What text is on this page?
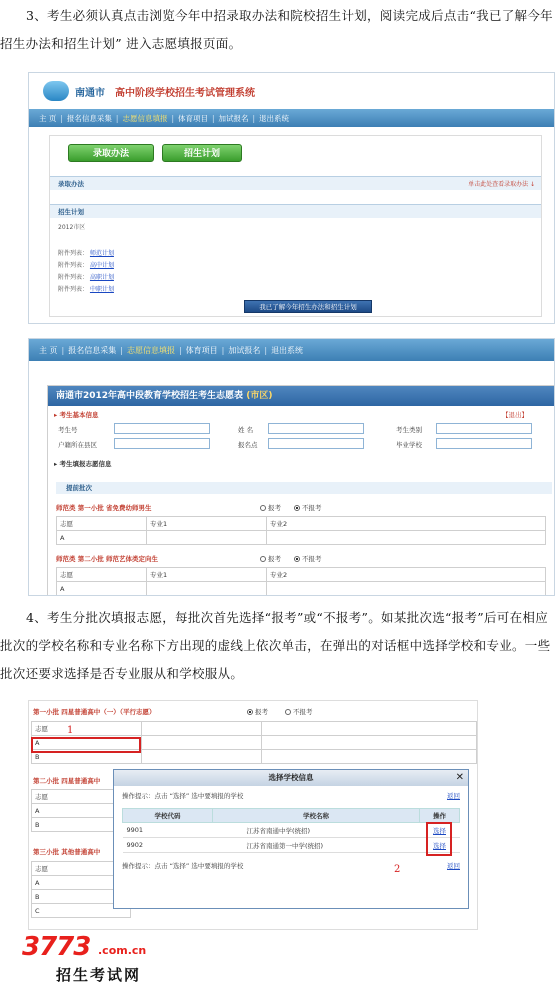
3、考生必须认真点击浏览今年中招录取办法和院校招生计划，阅读完成后点击“我已了解今年招生办法和招生计划” 进入志愿填报页面。

南通市 高中阶段学校招生考试管理系统
主 页 | 报名信息采集 | 志愿信息填报 | 体育项目 | 加试报名 | 退出系统
录取办法	招生计划
录取办法	单击此处查看录取办法 ↓
招生计划
2012市区
附件列表： 师范计划
附件列表： 高中计划
附件列表： 高职计划
附件列表： 中职计划
我已了解今年招生办法和招生计划
主 页 | 报名信息采集 | 志愿信息填报 | 体育项目 | 加试报名 | 退出系统
南通市2012年高中段教育学校招生考生志愿表 (市区)
▸ 考生基本信息	【退出】
考生号	姓 名	考生类别
户籍所在县区	报名点	毕业学校
▸ 考生填报志愿信息
提前批次
师范类 第一小批 省免费幼师男生	报考	不报考
志愿	专业1	专业2
A		
师范类 第二小批 师范艺体类定向生	报考	不报考
志愿	专业1	专业2
A		

4、考生分批次填报志愿，每批次首先选择“报考”或“不报考”。如某批次选“报考”后可在相应批次的学校名称和专业名称下方出现的虚线上依次单击，在弹出的对话框中选择学校和专业。一些批次还要求选择是否专业服从和学校服从。

第一小批 四星普通高中（一）（平行志愿）	报考	不报考
志愿		
A		
B		
1
第二小批 四星普通高中
志愿
A
B
第三小批 其他普通高中
志愿
A
B
C
选择学校信息	✕
操作提示：点击 “选择” 选中要填报的学校	返回
学校代码	学校名称	操作
9901	江苏省南通中学(统招)	选择
9902	江苏省南通第一中学(统招)	选择
操作提示：点击 “选择” 选中要填报的学校	返回
2
3773 .com.cn
招生考试网
